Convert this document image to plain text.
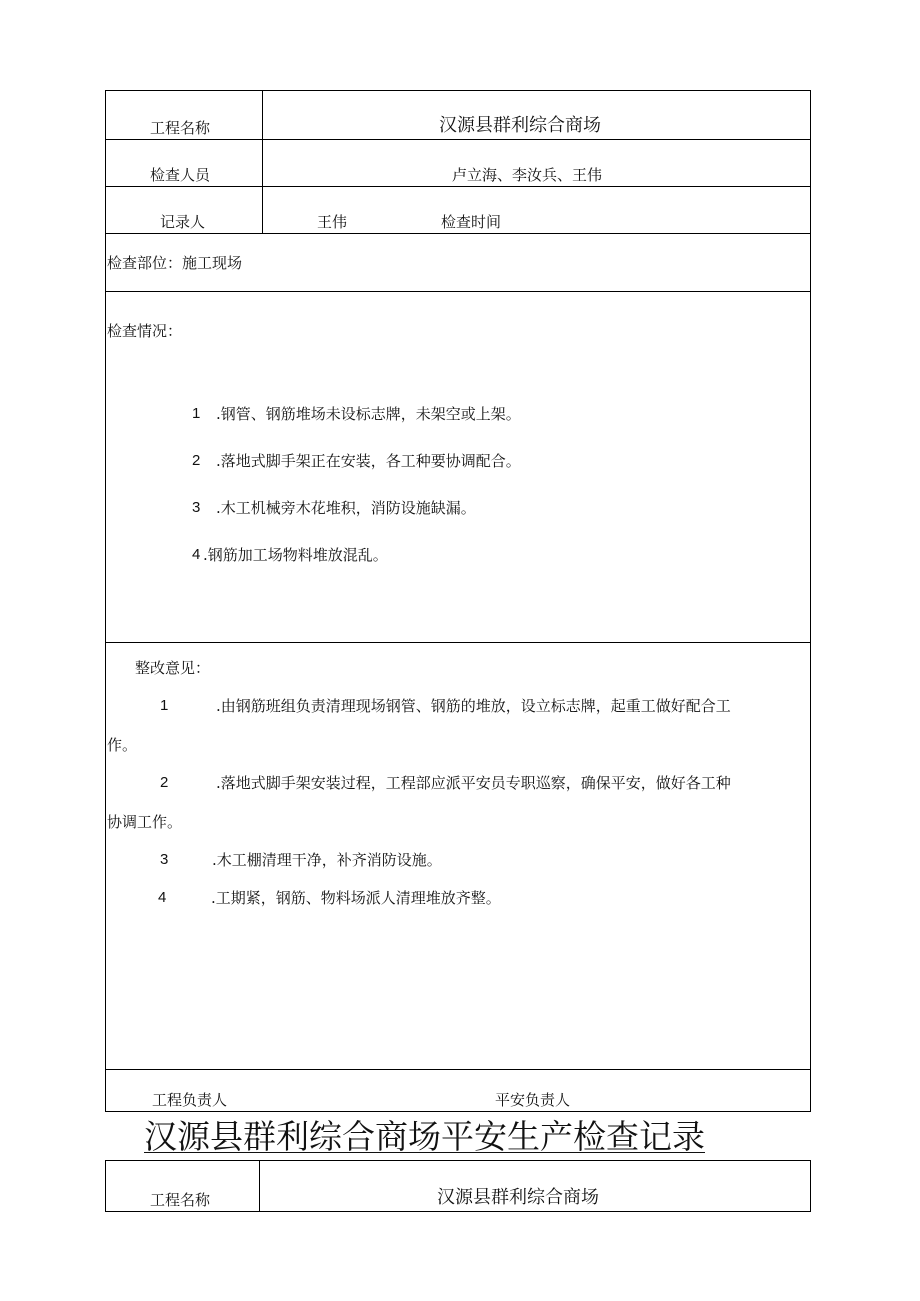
工程名称	汉源县群利综合商场
检查人员	卢立海、李汝兵、王伟
记录人	王伟	检查时间
检查部位：施工现场
检查情况：
1 .钢管、钢筋堆场未设标志牌，未架空或上架。
2 .落地式脚手架正在安装，各工种要协调配合。
3 .木工机械旁木花堆积，消防设施缺漏。
4 .钢筋加工场物料堆放混乱。
整改意见：
1	.由钢筋班组负责清理现场钢管、钢筋的堆放，设立标志牌，起重工做好配合工
作。
2	.落地式脚手架安装过程，工程部应派平安员专职巡察，确保平安，做好各工种
协调工作。
3	.木工棚清理干净，补齐消防设施。
4	.工期紧，钢筋、物料场派人清理堆放齐整。
工程负责人	平安负责人
汉源县群利综合商场平安生产检查记录
工程名称	汉源县群利综合商场
